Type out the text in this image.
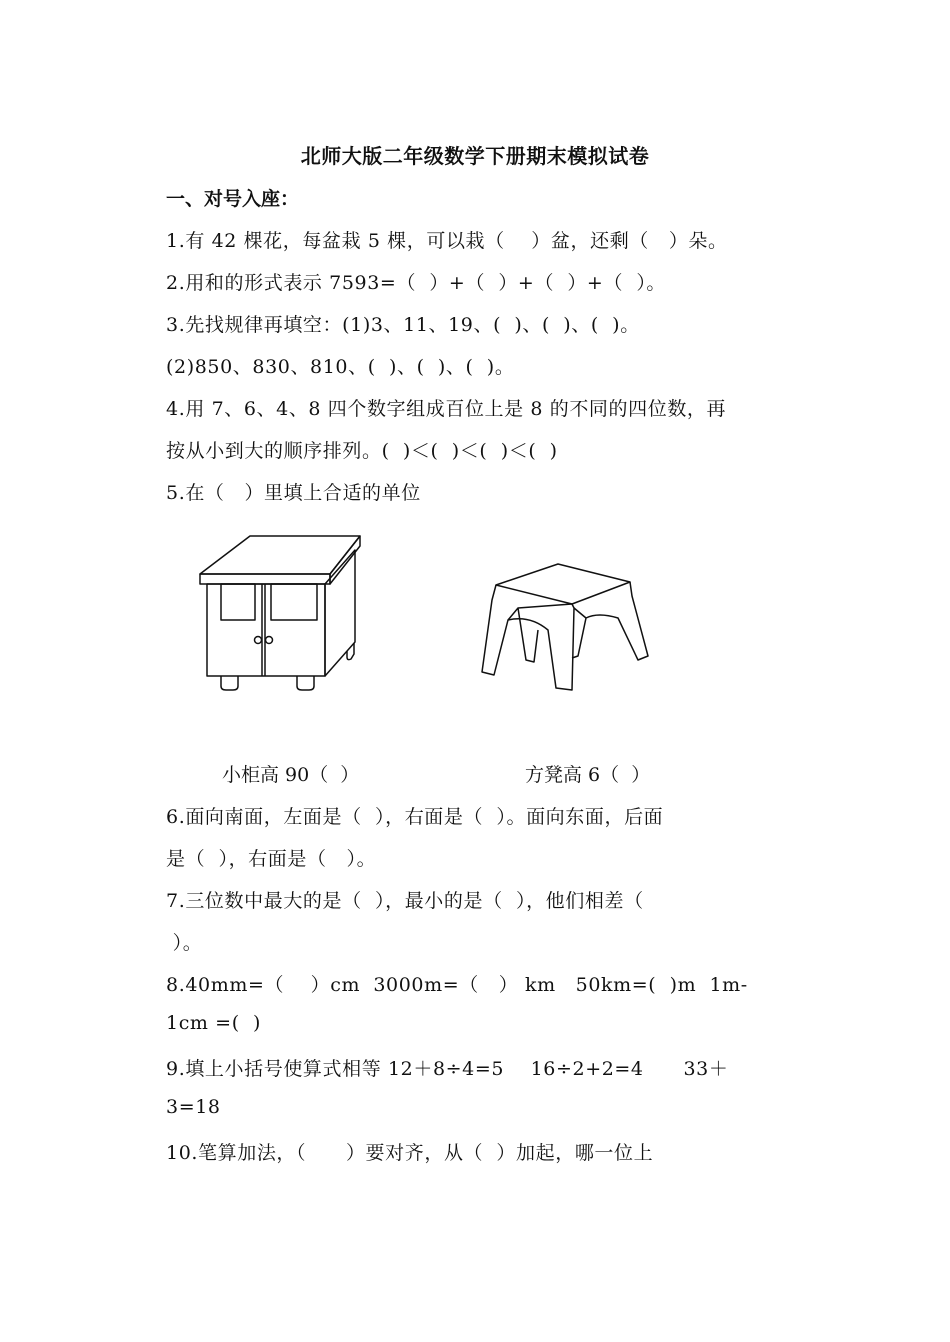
北师大版二年级数学下册期末模拟试卷
一、对号入座：
1.有 42 棵花，每盆栽 5 棵，可以栽（    ）盆，还剩（   ）朵。
2.用和的形式表示 7593=（  ）+（  ）+（  ）+（  ）。
3.先找规律再填空：(1)3、11、19、(  )、(  )、(  )。
(2)850、830、810、(  )、(  )、(  )。
4.用 7、6、4、8 四个数字组成百位上是 8 的不同的四位数，再
按从小到大的顺序排列。(  )＜(  )＜(  )＜(  )
5.在（   ）里填上合适的单位
小柜高 90（  ）	方凳高 6（  ）
6.面向南面，左面是（  ），右面是（  ）。面向东面，后面
是（  ），右面是（   ）。
7.三位数中最大的是（  ），最小的是（  ），他们相差（
）。
8.40mm=（    ）cm  3000m=（   ） km   50km=(  )m  1m-
1cm =(  )
9.填上小括号使算式相等 12＋8÷4=5    16÷2+2=4      33＋
3=18
10.笔算加法，（      ）要对齐，从（  ）加起，哪一位上
